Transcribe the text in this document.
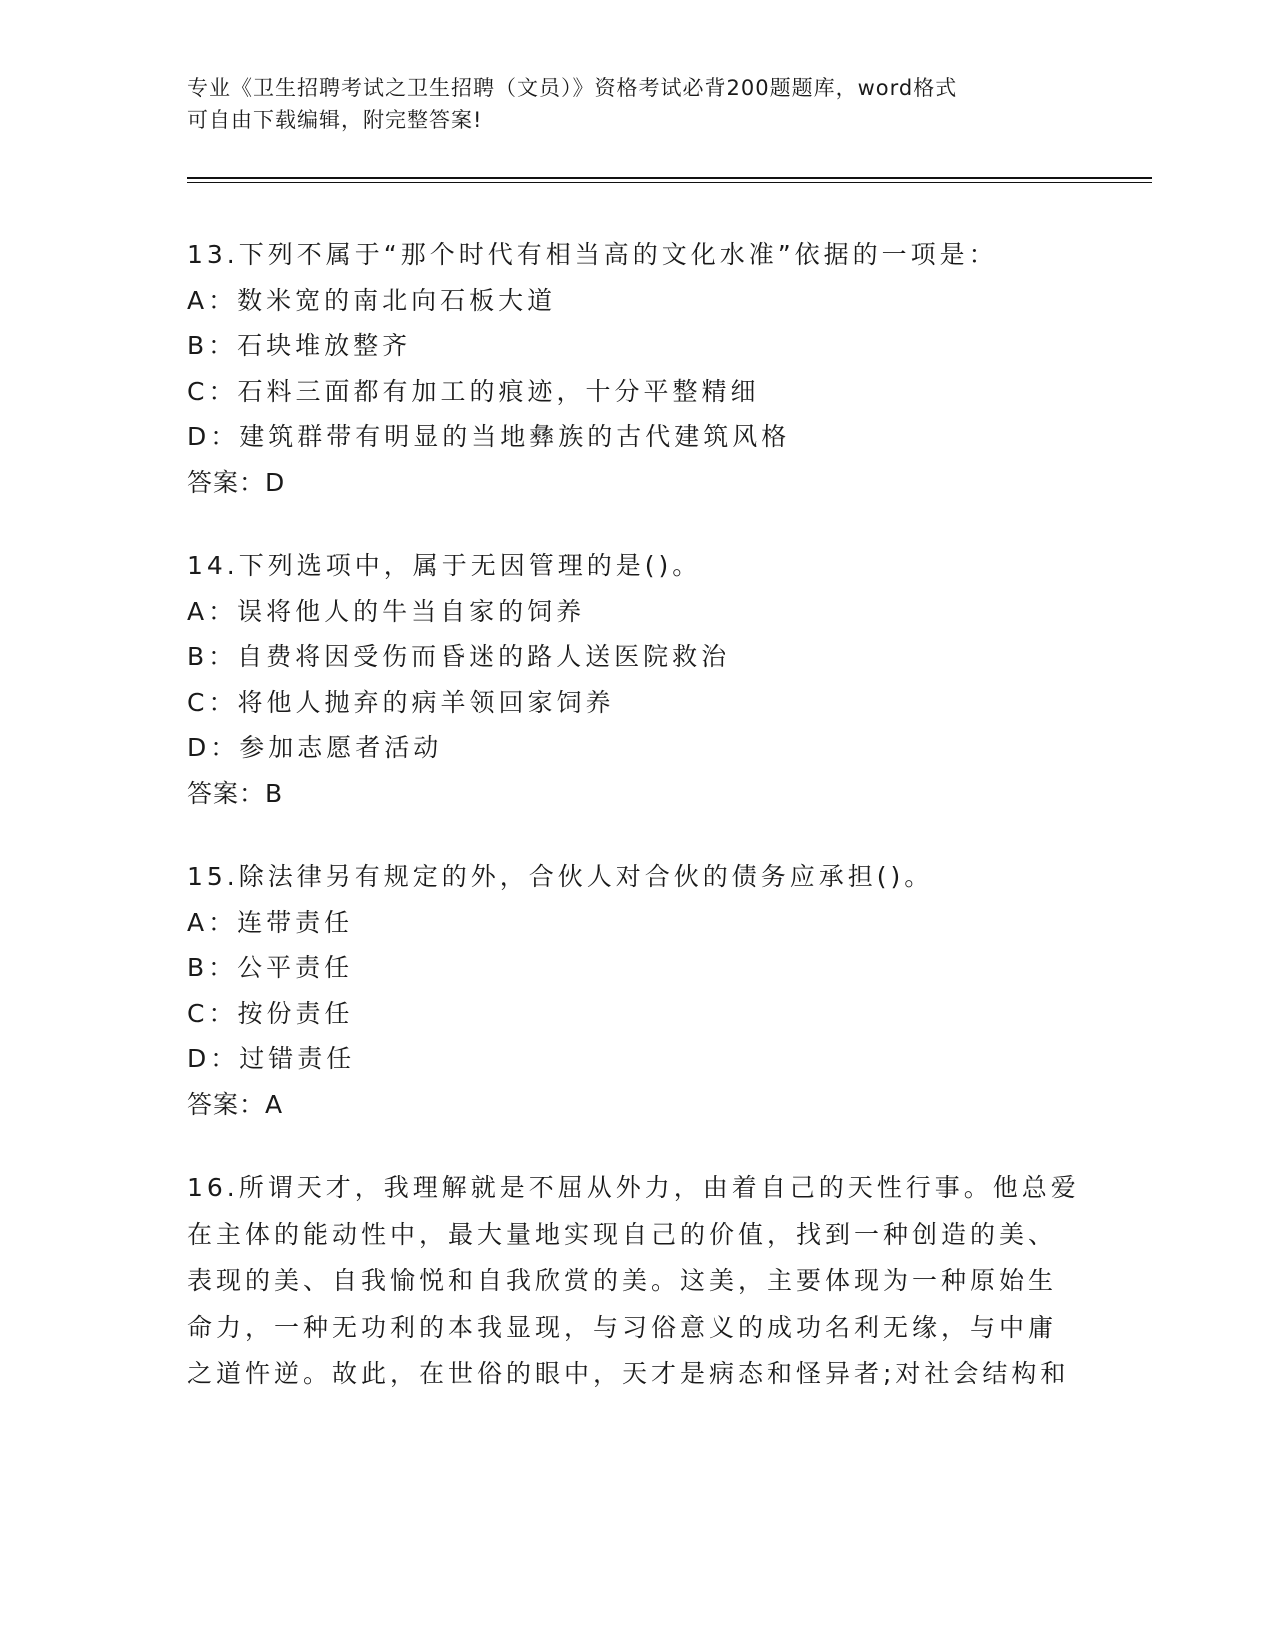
专业《卫生招聘考试之卫生招聘（文员）》资格考试必背200题题库，word格式
可自由下载编辑，附完整答案!
13.下列不属于“那个时代有相当高的文化水准”依据的一项是：
A：数米宽的南北向石板大道
B：石块堆放整齐
C：石料三面都有加工的痕迹，十分平整精细
D：建筑群带有明显的当地彝族的古代建筑风格
答案：D
14.下列选项中，属于无因管理的是()。
A：误将他人的牛当自家的饲养
B：自费将因受伤而昏迷的路人送医院救治
C：将他人抛弃的病羊领回家饲养
D：参加志愿者活动
答案：B
15.除法律另有规定的外，合伙人对合伙的债务应承担()。
A：连带责任
B：公平责任
C：按份责任
D：过错责任
答案：A
16.所谓天才，我理解就是不屈从外力，由着自己的天性行事。他总爱
在主体的能动性中，最大量地实现自己的价值，找到一种创造的美、
表现的美、自我愉悦和自我欣赏的美。这美，主要体现为一种原始生
命力，一种无功利的本我显现，与习俗意义的成功名利无缘，与中庸
之道忤逆。故此，在世俗的眼中，天才是病态和怪异者;对社会结构和
